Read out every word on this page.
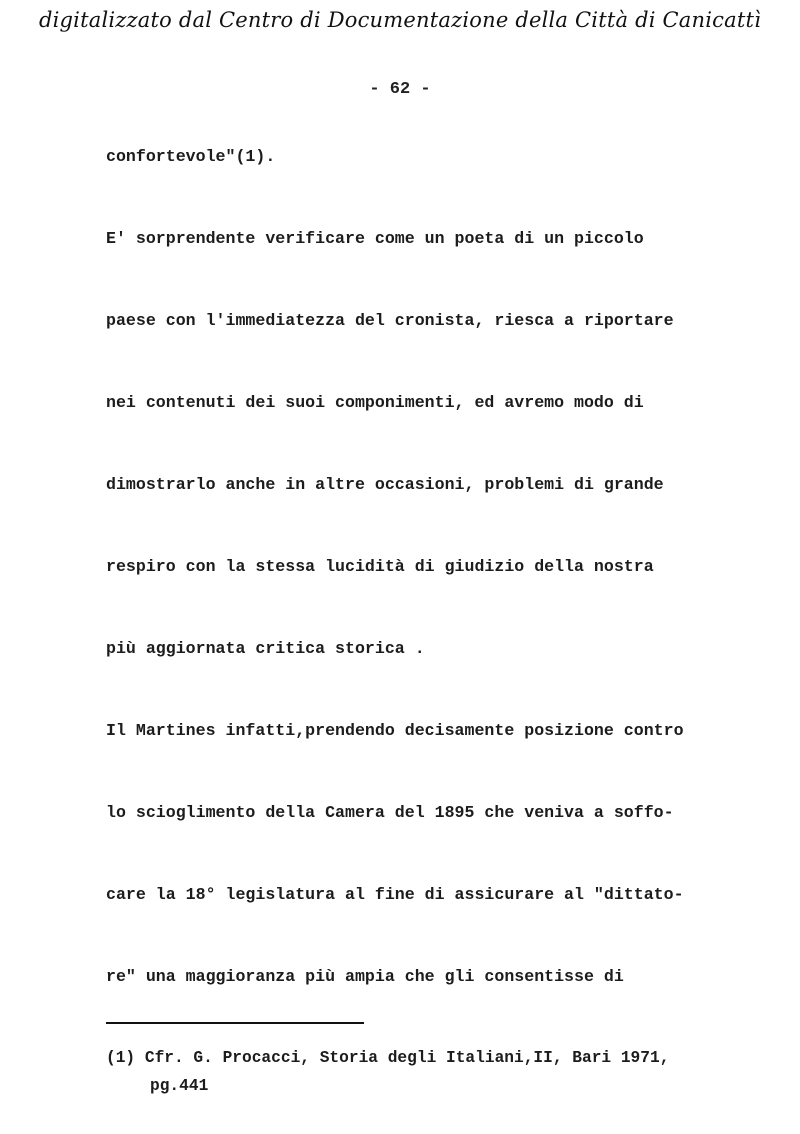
digitalizzato dal Centro di Documentazione della Città di Canicattì
- 62 -
confortevole"(1).
E' sorprendente verificare come un poeta di un piccolo
paese con l'immediatezza del cronista, riesca a riportare
nei contenuti dei suoi componimenti, ed avremo modo di
dimostrarlo anche in altre occasioni, problemi di grande
respiro con la stessa lucidità di giudizio della nostra
più aggiornata critica storica .
Il Martines infatti,prendendo decisamente posizione contro
lo scioglimento della Camera del 1895 che veniva a soffo-
care la 18° legislatura al fine di assicurare al "dittato-
re" una maggioranza più ampia che gli consentisse di
(1) Cfr. G. Procacci, Storia degli Italiani,II, Bari 1971,
pg.441
